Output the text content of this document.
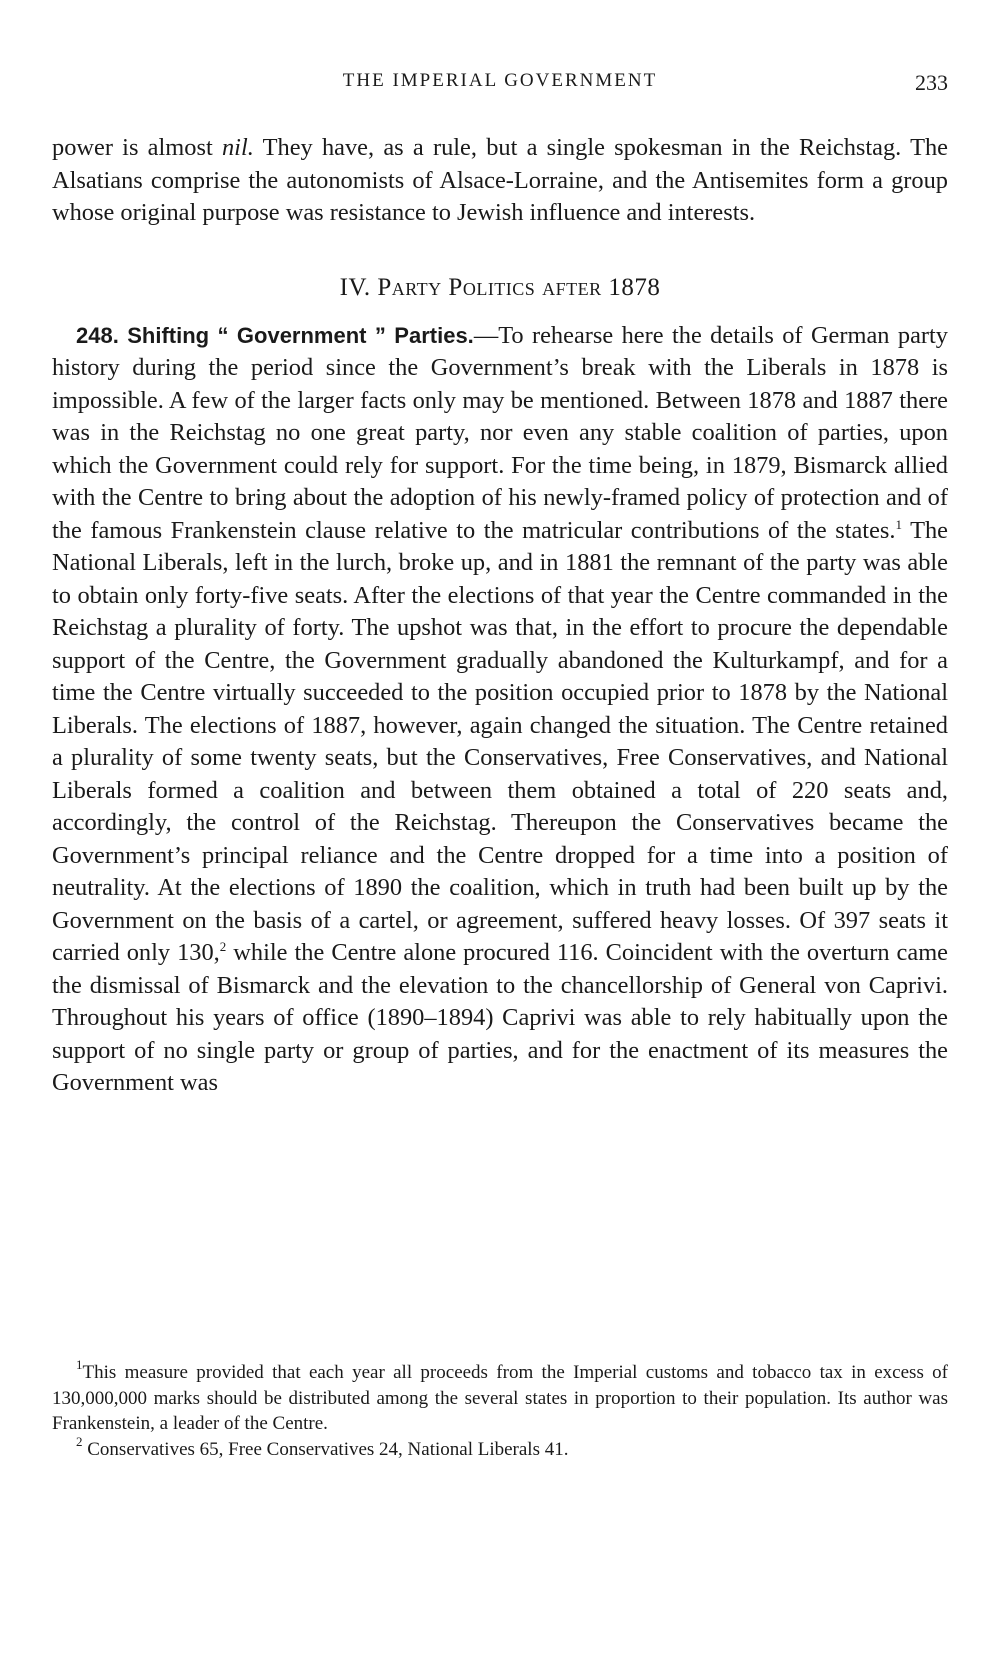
THE IMPERIAL GOVERNMENT	233

power is almost nil. They have, as a rule, but a single spokesman in the Reichstag. The Alsatians comprise the autonomists of Alsace-Lorraine, and the Antisemites form a group whose original purpose was resistance to Jewish influence and interests.

IV. Party Politics after 1878

248. Shifting “ Government ” Parties.—To rehearse here the details of German party history during the period since the Government’s break with the Liberals in 1878 is impossible. A few of the larger facts only may be mentioned. Between 1878 and 1887 there was in the Reichstag no one great party, nor even any stable coalition of parties, upon which the Government could rely for support. For the time being, in 1879, Bismarck allied with the Centre to bring about the adoption of his newly-framed policy of protection and of the famous Frankenstein clause relative to the matricular contributions of the states.$^1$ The National Liberals, left in the lurch, broke up, and in 1881 the remnant of the party was able to obtain only forty-five seats. After the elections of that year the Centre commanded in the Reichstag a plurality of forty. The upshot was that, in the effort to procure the dependable support of the Centre, the Government gradually abandoned the Kulturkampf, and for a time the Centre virtually succeeded to the position occupied prior to 1878 by the National Liberals. The elections of 1887, however, again changed the situation. The Centre retained a plurality of some twenty seats, but the Conservatives, Free Conservatives, and National Liberals formed a coalition and between them obtained a total of 220 seats and, accordingly, the control of the Reichstag. Thereupon the Conservatives became the Government’s principal reliance and the Centre dropped for a time into a position of neutrality. At the elections of 1890 the coalition, which in truth had been built up by the Government on the basis of a cartel, or agreement, suffered heavy losses. Of 397 seats it carried only 130,$^2$ while the Centre alone procured 116. Coincident with the overturn came the dismissal of Bismarck and the elevation to the chancellorship of General von Caprivi. Throughout his years of office (1890–1894) Caprivi was able to rely habitually upon the support of no single party or group of parties, and for the enactment of its measures the Government was

$^1$This measure provided that each year all proceeds from the Imperial customs and tobacco tax in excess of 130,000,000 marks should be distributed among the several states in proportion to their population. Its author was Frankenstein, a leader of the Centre.

$^2$ Conservatives 65, Free Conservatives 24, National Liberals 41.
